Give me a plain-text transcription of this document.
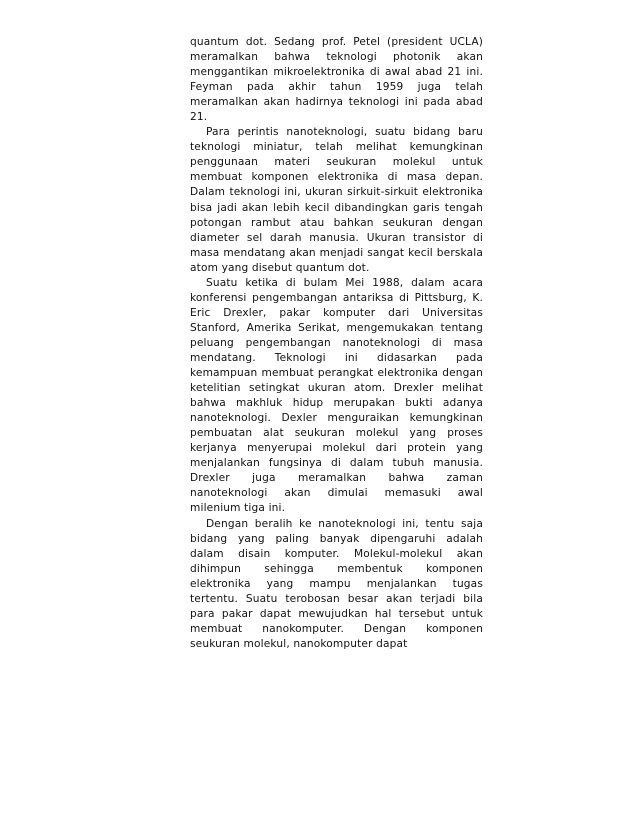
quantum dot. Sedang prof. Petel (president UCLA) meramalkan bahwa teknologi photonik akan menggantikan mikroelektronika di awal abad 21 ini. Feyman pada akhir tahun 1959 juga telah meramalkan akan hadirnya teknologi ini pada abad 21.

Para perintis nanoteknologi, suatu bidang baru teknologi miniatur, telah melihat kemungkinan penggunaan materi seukuran molekul untuk membuat komponen elektronika di masa depan. Dalam teknologi ini, ukuran sirkuit-sirkuit elektronika bisa jadi akan lebih kecil dibandingkan garis tengah potongan rambut atau bahkan seukuran dengan diameter sel darah manusia. Ukuran transistor di masa mendatang akan menjadi sangat kecil berskala atom yang disebut quantum dot.

Suatu ketika di bulam Mei 1988, dalam acara konferensi pengembangan antariksa di Pittsburg, K. Eric Drexler, pakar komputer dari Universitas Stanford, Amerika Serikat, mengemukakan tentang peluang pengembangan nanoteknologi di masa mendatang. Teknologi ini didasarkan pada kemampuan membuat perangkat elektronika dengan ketelitian setingkat ukuran atom. Drexler melihat bahwa makhluk hidup merupakan bukti adanya nanoteknologi. Dexler menguraikan kemungkinan pembuatan alat seukuran molekul yang proses kerjanya menyerupai molekul dari protein yang menjalankan fungsinya di dalam tubuh manusia. Drexler juga meramalkan bahwa zaman nanoteknologi akan dimulai memasuki awal milenium tiga ini.

Dengan beralih ke nanoteknologi ini, tentu saja bidang yang paling banyak dipengaruhi adalah dalam disain komputer. Molekul-molekul akan dihimpun sehingga membentuk komponen elektronika yang mampu menjalankan tugas tertentu. Suatu terobosan besar akan terjadi bila para pakar dapat mewujudkan hal tersebut untuk membuat nanokomputer. Dengan komponen seukuran molekul, nanokomputer dapat
